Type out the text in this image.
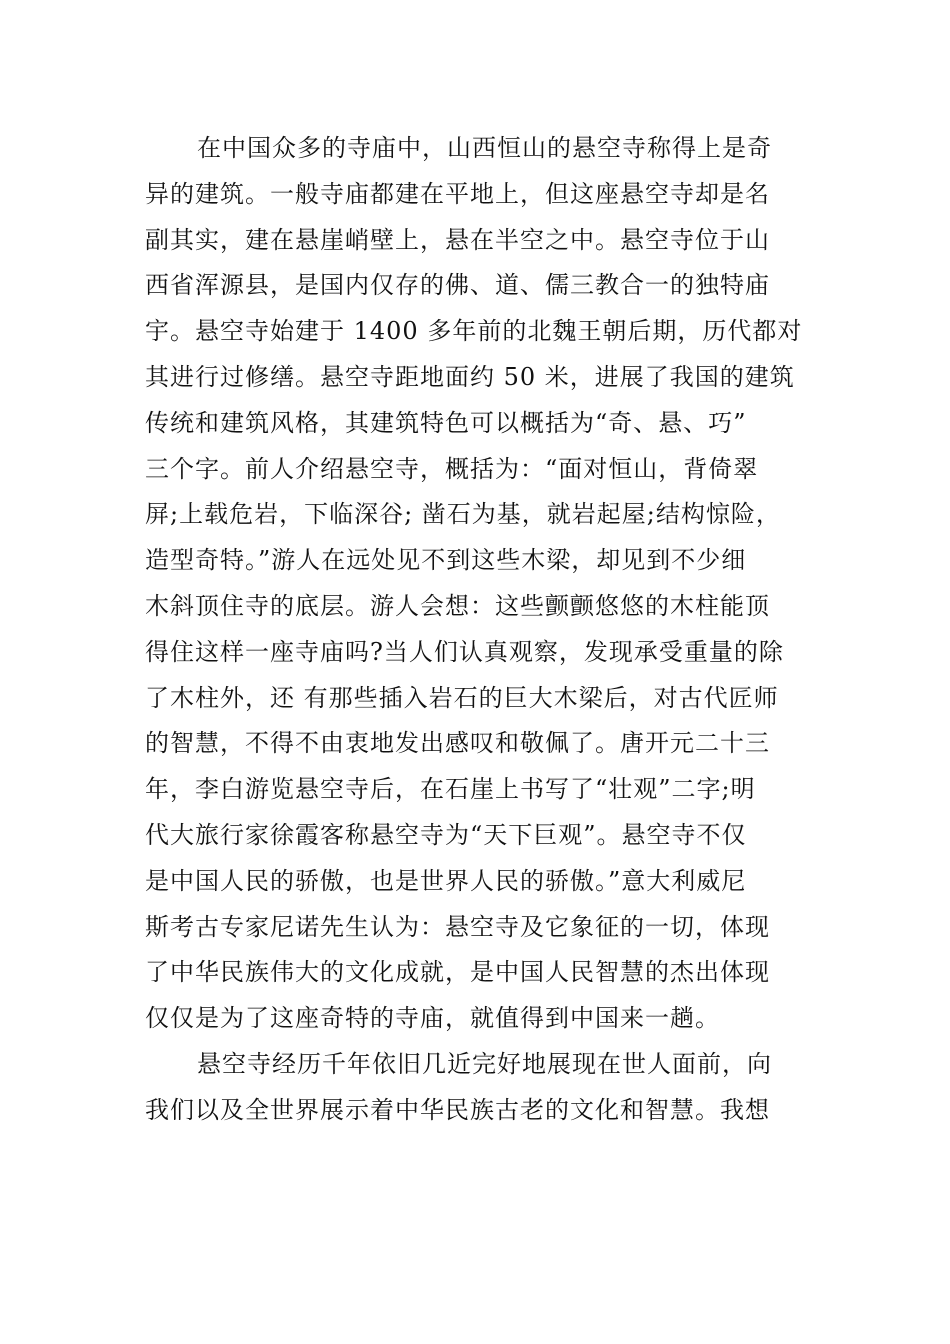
在中国众多的寺庙中，山西恒山的悬空寺称得上是奇
异的建筑。一般寺庙都建在平地上，但这座悬空寺却是名
副其实，建在悬崖峭壁上，悬在半空之中。悬空寺位于山
西省浑源县，是国内仅存的佛、道、儒三教合一的独特庙
宇。悬空寺始建于 1400 多年前的北魏王朝后期，历代都对
其进行过修缮。悬空寺距地面约 50 米，进展了我国的建筑
传统和建筑风格，其建筑特色可以概括为“奇、悬、巧”
三个字。前人介绍悬空寺，概括为：“面对恒山，背倚翠
屏;上载危岩，下临深谷; 凿石为基，就岩起屋;结构惊险，
造型奇特。”游人在远处见不到这些木梁，却见到不少细
木斜顶住寺的底层。游人会想：这些颤颤悠悠的木柱能顶
得住这样一座寺庙吗?当人们认真观察，发现承受重量的除
了木柱外，还 有那些插入岩石的巨大木梁后，对古代匠师
的智慧，不得不由衷地发出感叹和敬佩了。唐开元二十三
年，李白游览悬空寺后，在石崖上书写了“壮观”二字;明
代大旅行家徐霞客称悬空寺为“天下巨观”。悬空寺不仅
是中国人民的骄傲，也是世界人民的骄傲。”意大利威尼
斯考古专家尼诺先生认为：悬空寺及它象征的一切，体现
了中华民族伟大的文化成就，是中国人民智慧的杰出体现
仅仅是为了这座奇特的寺庙，就值得到中国来一趟。
悬空寺经历千年依旧几近完好地展现在世人面前，向
我们以及全世界展示着中华民族古老的文化和智慧。我想
